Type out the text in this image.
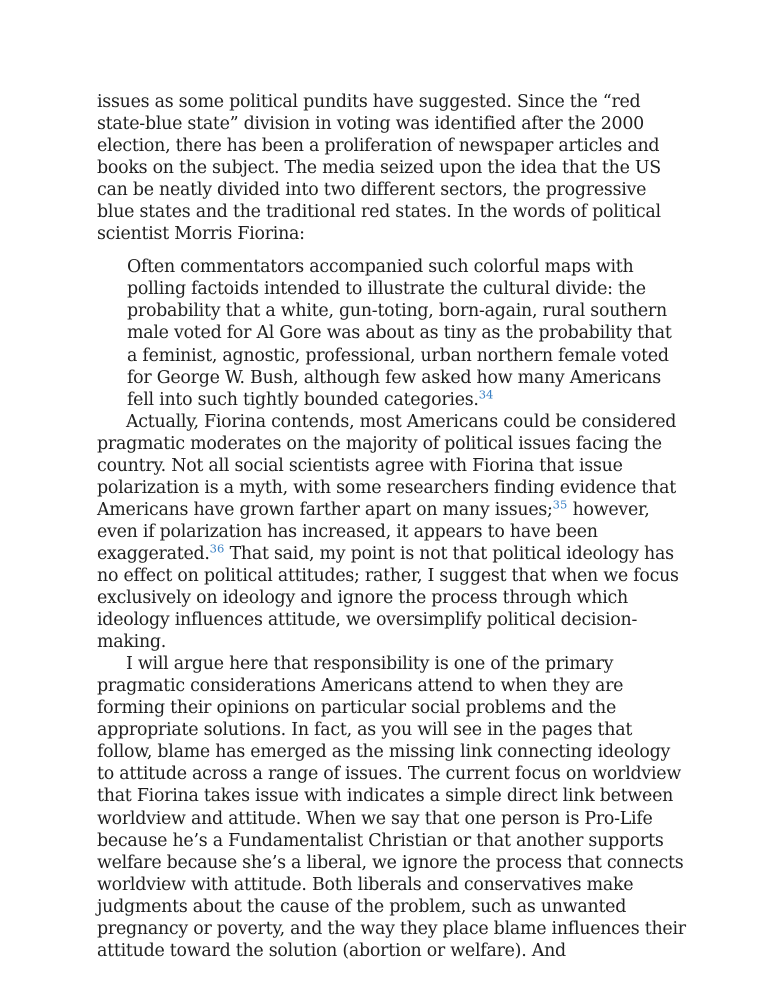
issues as some political pundits have suggested. Since the “red state-blue state” division in voting was identified after the 2000 election, there has been a proliferation of newspaper articles and books on the subject. The media seized upon the idea that the US can be neatly divided into two different sectors, the progressive blue states and the traditional red states. In the words of political scientist Morris Fiorina:

Often commentators accompanied such colorful maps with polling factoids intended to illustrate the cultural divide: the probability that a white, gun-toting, born-again, rural southern male voted for Al Gore was about as tiny as the probability that a feminist, agnostic, professional, urban northern female voted for George W. Bush, although few asked how many Americans fell into such tightly bounded categories.$^{34}$

Actually, Fiorina contends, most Americans could be considered pragmatic moderates on the majority of political issues facing the country. Not all social scientists agree with Fiorina that issue polarization is a myth, with some researchers finding evidence that Americans have grown farther apart on many issues;$^{35}$ however, even if polarization has increased, it appears to have been exaggerated.$^{36}$ That said, my point is not that political ideology has no effect on political attitudes; rather, I suggest that when we focus exclusively on ideology and ignore the process through which ideology influences attitude, we oversimplify political decision-making.

I will argue here that responsibility is one of the primary pragmatic considerations Americans attend to when they are forming their opinions on particular social problems and the appropriate solutions. In fact, as you will see in the pages that follow, blame has emerged as the missing link connecting ideology to attitude across a range of issues. The current focus on worldview that Fiorina takes issue with indicates a simple direct link between worldview and attitude. When we say that one person is Pro-Life because he’s a Fundamentalist Christian or that another supports welfare because she’s a liberal, we ignore the process that connects worldview with attitude. Both liberals and conservatives make judgments about the cause of the problem, such as unwanted pregnancy or poverty, and the way they place blame influences their attitude toward the solution (abortion or welfare). And
